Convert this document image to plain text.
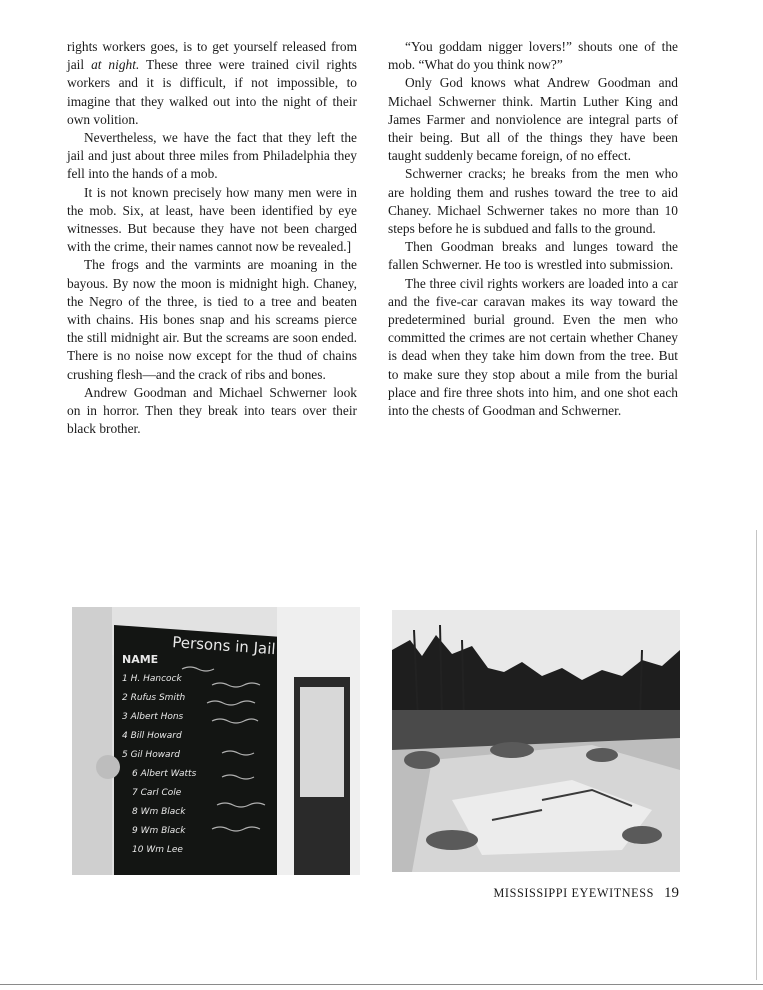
rights workers goes, is to get yourself released from jail at night. These three were trained civil rights workers and it is difficult, if not impossible, to imagine that they walked out into the night of their own volition.

Nevertheless, we have the fact that they left the jail and just about three miles from Philadelphia they fell into the hands of a mob.

It is not known precisely how many men were in the mob. Six, at least, have been identified by eye witnesses. But because they have not been charged with the crime, their names cannot now be revealed.]

The frogs and the varmints are moaning in the bayous. By now the moon is midnight high. Chaney, the Negro of the three, is tied to a tree and beaten with chains. His bones snap and his screams pierce the still midnight air. But the screams are soon ended. There is no noise now except for the thud of chains crushing flesh—and the crack of ribs and bones.

Andrew Goodman and Michael Schwerner look on in horror. Then they break into tears over their black brother.

“You goddam nigger lovers!” shouts one of the mob. “What do you think now?”

Only God knows what Andrew Goodman and Michael Schwerner think. Martin Luther King and James Farmer and nonviolence are integral parts of their being. But all of the things they have been taught suddenly became foreign, of no effect.

Schwerner cracks; he breaks from the men who are holding them and rushes toward the tree to aid Chaney. Michael Schwerner takes no more than 10 steps before he is subdued and falls to the ground.

Then Goodman breaks and lunges toward the fallen Schwerner. He too is wrestled into submission.

The three civil rights workers are loaded into a car and the five-car caravan makes its way toward the predetermined burial ground. Even the men who committed the crimes are not certain whether Chaney is dead when they take him down from the tree. But to make sure they stop about a mile from the burial place and fire three shots into him, and one shot each into the chests of Goodman and Schwerner.

Persons in Jail
NAME
1 H. Hancock
2 Rufus Smith
3 Albert Hons
4 Bill Howard
5 Gil Howard
6 Albert Watts
7 Carl Cole
8 Wm Black
9 Wm Black
10 Wm Lee
MISSISSIPPI EYEWITNESS 19
